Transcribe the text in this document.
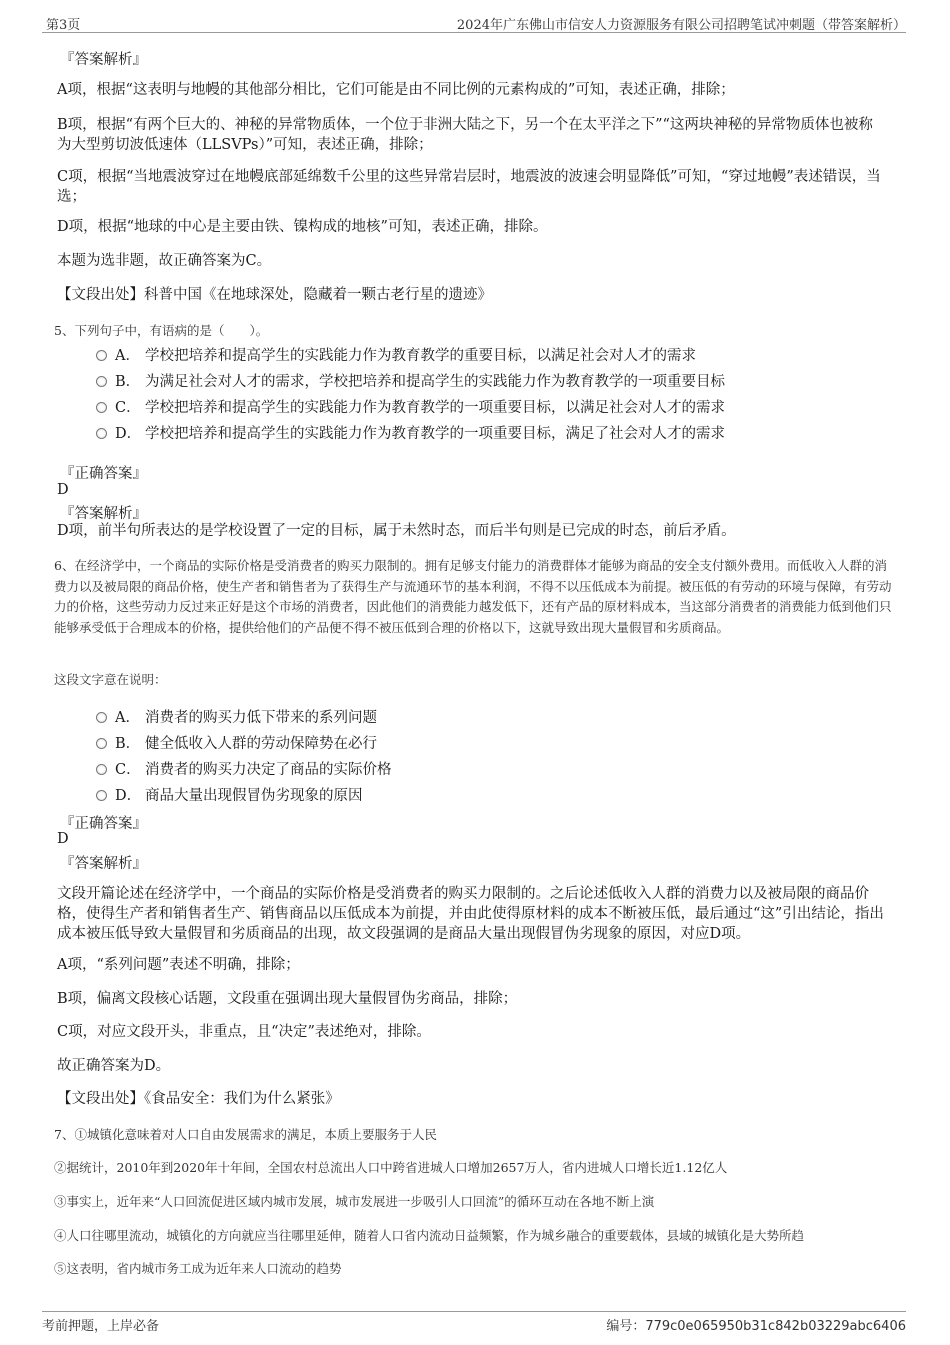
第3页	2024年广东佛山市信安人力资源服务有限公司招聘笔试冲刺题（带答案解析）
『答案解析』
A项，根据“这表明与地幔的其他部分相比，它们可能是由不同比例的元素构成的”可知，表述正确，排除；
B项，根据“有两个巨大的、神秘的异常物质体，一个位于非洲大陆之下，另一个在太平洋之下”“这两块神秘的异常物质体也被称为大型剪切波低速体（LLSVPs）”可知，表述正确，排除；
C项，根据“当地震波穿过在地幔底部延绵数千公里的这些异常岩层时，地震波的波速会明显降低”可知，“穿过地幔”表述错误，当选；
D项，根据“地球的中心是主要由铁、镍构成的地核”可知，表述正确，排除。
本题为选非题，故正确答案为C。
【文段出处】科普中国《在地球深处，隐藏着一颗古老行星的遗迹》
5、下列句子中，有语病的是（　　）。
A． 学校把培养和提高学生的实践能力作为教育教学的重要目标，以满足社会对人才的需求
B． 为满足社会对人才的需求，学校把培养和提高学生的实践能力作为教育教学的一项重要目标
C． 学校把培养和提高学生的实践能力作为教育教学的一项重要目标，以满足社会对人才的需求
D． 学校把培养和提高学生的实践能力作为教育教学的一项重要目标，满足了社会对人才的需求
『正确答案』
D
『答案解析』
D项，前半句所表达的是学校设置了一定的目标，属于未然时态，而后半句则是已完成的时态，前后矛盾。
6、在经济学中，一个商品的实际价格是受消费者的购买力限制的。拥有足够支付能力的消费群体才能够为商品的安全支付额外费用。而低收入人群的消费力以及被局限的商品价格，使生产者和销售者为了获得生产与流通环节的基本利润，不得不以压低成本为前提。被压低的有劳动的环境与保障，有劳动力的价格，这些劳动力反过来正好是这个市场的消费者，因此他们的消费能力越发低下，还有产品的原材料成本，当这部分消费者的消费能力低到他们只能够承受低于合理成本的价格，提供给他们的产品便不得不被压低到合理的价格以下，这就导致出现大量假冒和劣质商品。
这段文字意在说明：
A． 消费者的购买力低下带来的系列问题
B． 健全低收入人群的劳动保障势在必行
C． 消费者的购买力决定了商品的实际价格
D． 商品大量出现假冒伪劣现象的原因
『正确答案』
D
『答案解析』
文段开篇论述在经济学中，一个商品的实际价格是受消费者的购买力限制的。之后论述低收入人群的消费力以及被局限的商品价格，使得生产者和销售者生产、销售商品以压低成本为前提，并由此使得原材料的成本不断被压低，最后通过“这”引出结论，指出成本被压低导致大量假冒和劣质商品的出现，故文段强调的是商品大量出现假冒伪劣现象的原因，对应D项。
A项，“系列问题”表述不明确，排除；
B项，偏离文段核心话题，文段重在强调出现大量假冒伪劣商品，排除；
C项，对应文段开头，非重点，且“决定”表述绝对，排除。
故正确答案为D。
【文段出处】《食品安全：我们为什么紧张》
7、①城镇化意味着对人口自由发展需求的满足，本质上要服务于人民
②据统计，2010年到2020年十年间，全国农村总流出人口中跨省进城人口增加2657万人，省内进城人口增长近1.12亿人
③事实上，近年来“人口回流促进区域内城市发展，城市发展进一步吸引人口回流”的循环互动在各地不断上演
④人口往哪里流动，城镇化的方向就应当往哪里延伸，随着人口省内流动日益频繁，作为城乡融合的重要载体，县域的城镇化是大势所趋
⑤这表明，省内城市务工成为近年来人口流动的趋势
考前押题，上岸必备	编号：779c0e065950b31c842b03229abc6406
